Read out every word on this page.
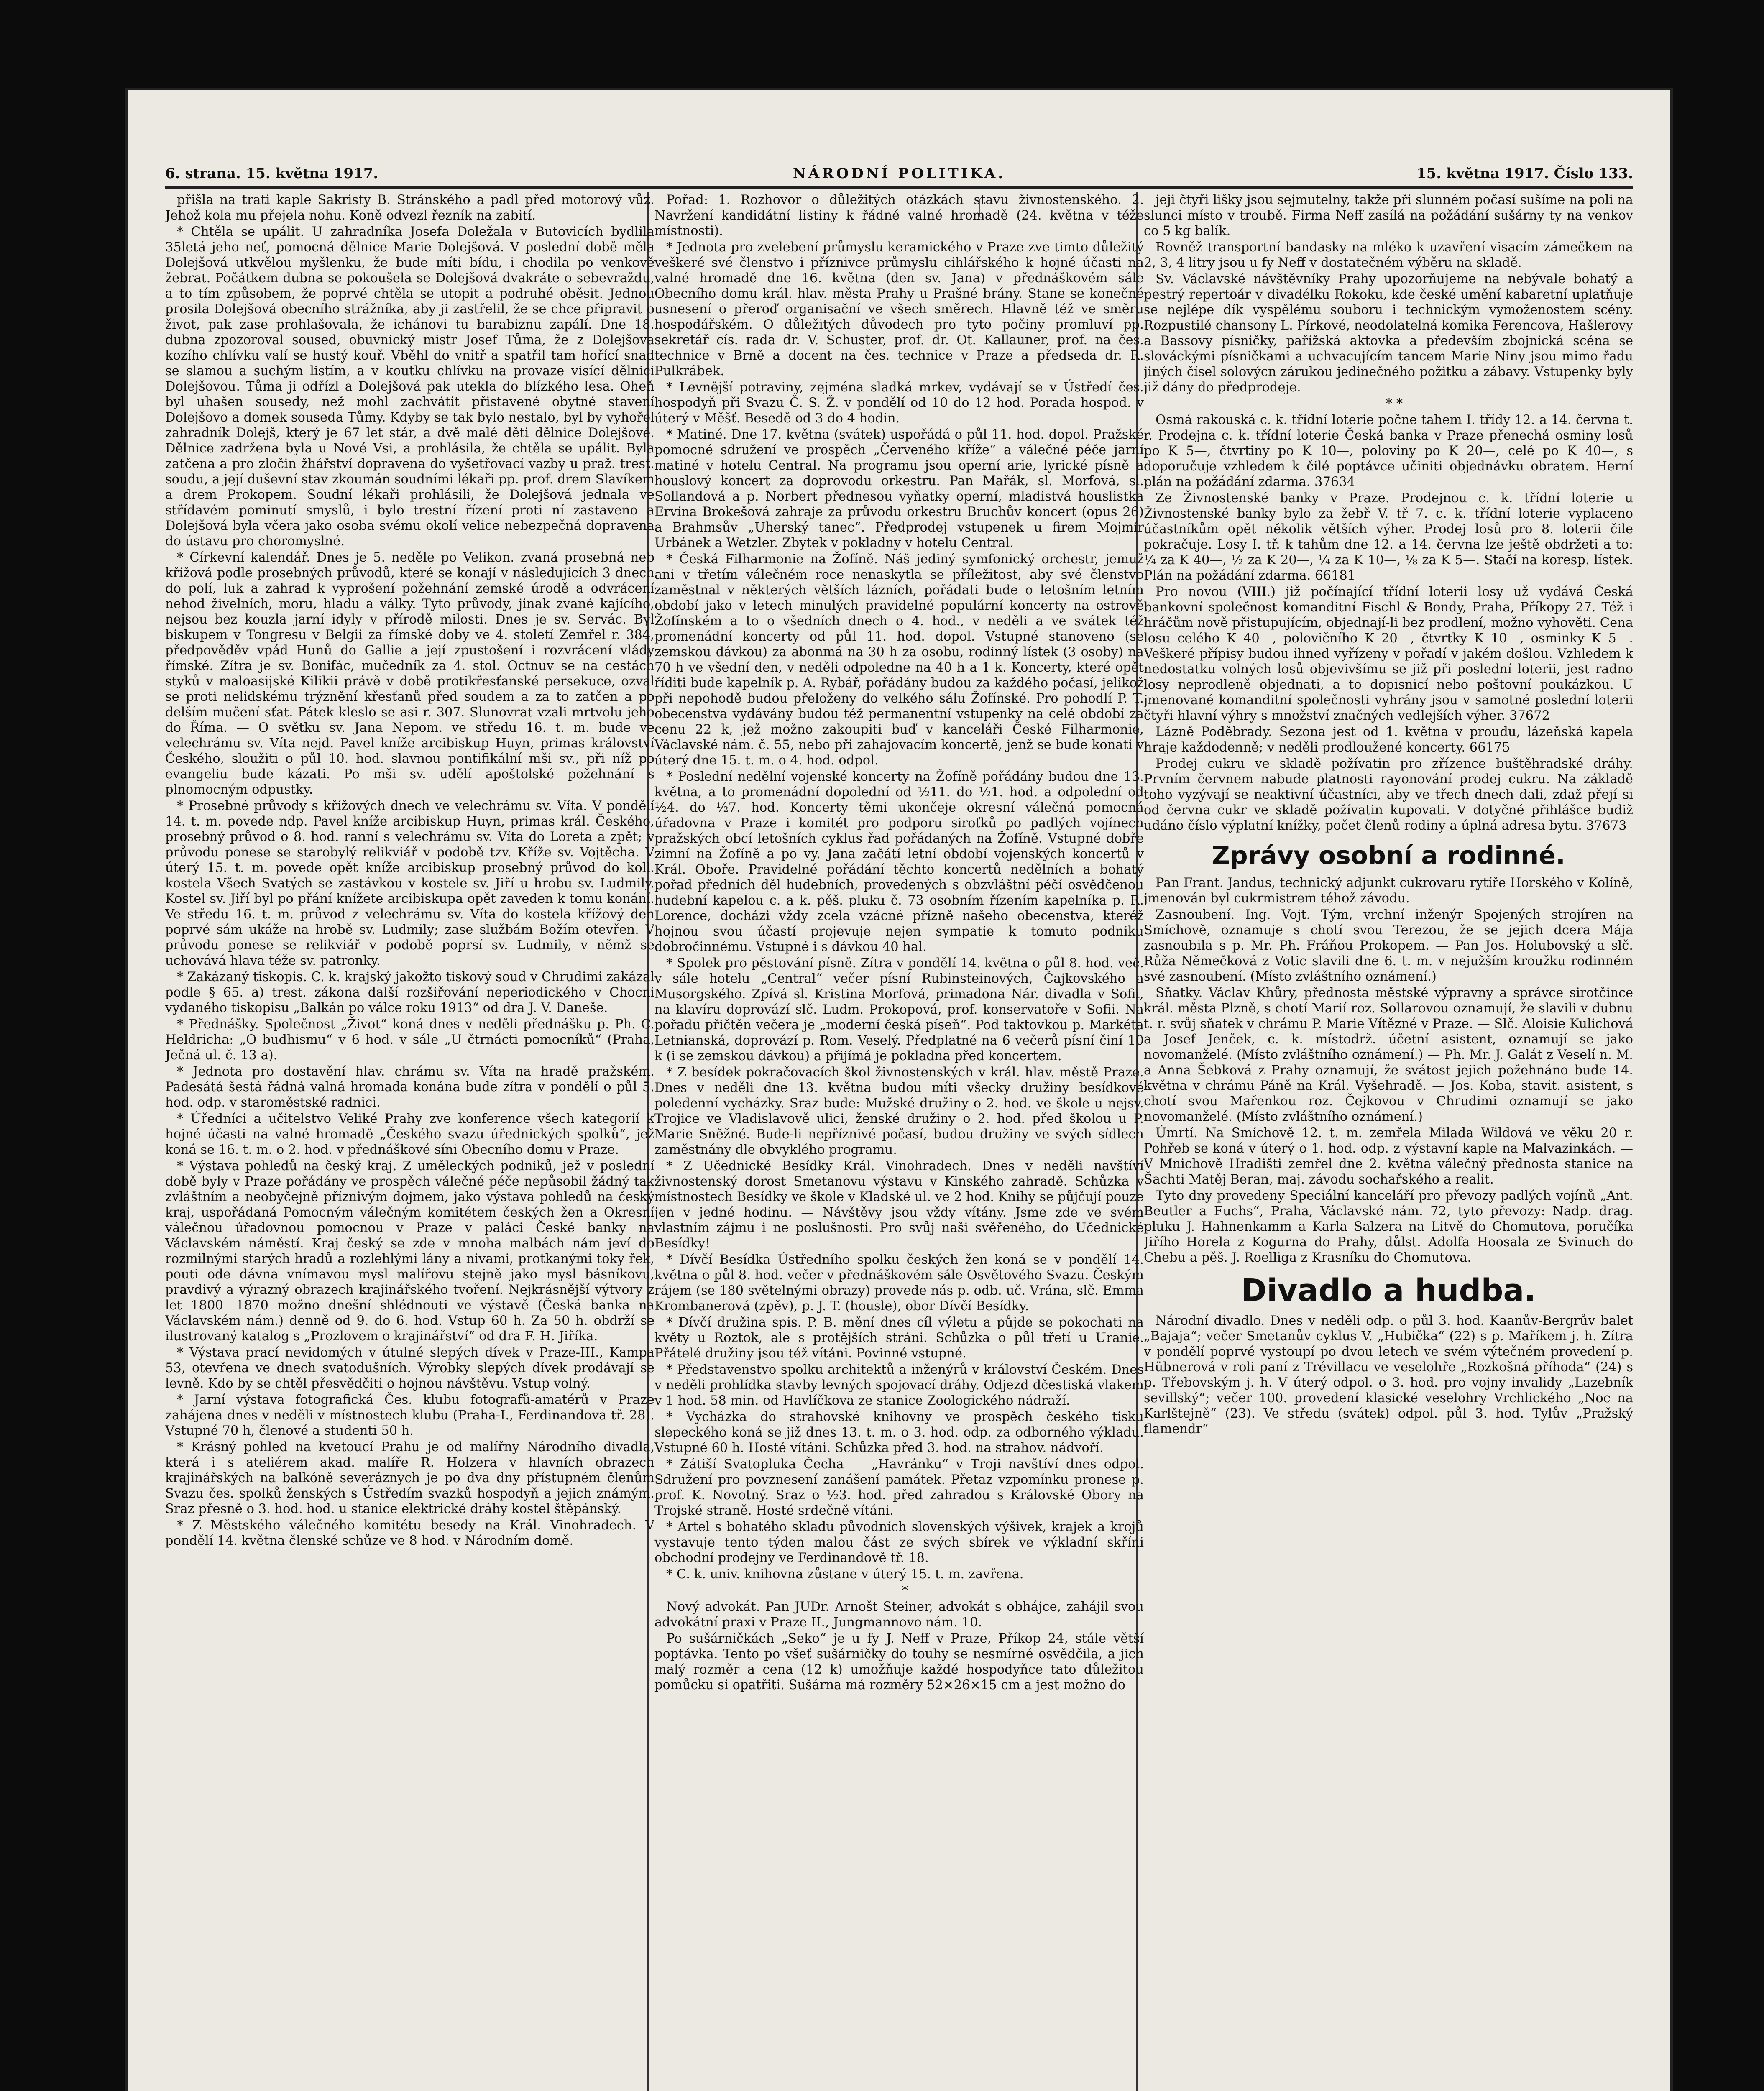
6. strana. 15. května 1917.	NÁRODNÍ POLITIKA.	15. května 1917. Číslo 133.

přišla na trati kaple Sakristy B. Stránského a padl před motorový vůz. Jehož kola mu přejela nohu. Koně odvezl řezník na zabití.

* Chtěla se upálit. U zahradníka Josefa Doležala v Butovicích bydlila 35letá jeho neť, pomocná dělnice Marie Dolejšová. V poslední době měla Dolejšová utkvělou myšlenku, že bude míti bídu, i chodila po venkově žebrat. Počátkem dubna se pokoušela se Dolejšová dvakráte o sebevraždu, a to tím způsobem, že poprvé chtěla se utopit a podruhé oběsit. Jednou prosila Dolejšová obecního strážníka, aby ji zastřelil, že se chce připravit o život, pak zase prohlašovala, že ichánovi tu barabiznu zapálí. Dne 18. dubna zpozoroval soused, obuvnický mistr Josef Tůma, že z Dolejšova kozího chlívku valí se hustý kouř. Vběhl do vnitř a spatřil tam hořící snad se slamou a suchým listím, a v koutku chlívku na provaze visící dělnici Dolejšovou. Tůma ji odřízl a Dolejšová pak utekla do blízkého lesa. Oheň byl uhašen sousedy, než mohl zachvátit přistavené obytné stavení Dolejšovo a domek souseda Tůmy. Kdyby se tak bylo nestalo, byl by vyhořel zahradník Dolejš, který je 67 let stár, a dvě malé děti dělnice Dolejšové. Dělnice zadržena byla u Nové Vsi, a prohlásila, že chtěla se upálit. Byla zatčena a pro zločin žhářství dopravena do vyšetřovací vazby u praž. trest. soudu, a její duševní stav zkoumán soudními lékaři pp. prof. drem Slavíkem a drem Prokopem. Soudní lékaři prohlásili, že Dolejšová jednala ve střídavém pominutí smyslů, i bylo trestní řízení proti ní zastaveno a Dolejšová byla včera jako osoba svému okolí velice nebezpečná dopravena do ústavu pro choromyslné.

* Církevní kalendář. Dnes je 5. neděle po Velikon. zvaná prosebná neb křížová podle prosebných průvodů, které se konají v následujících 3 dnech do polí, luk a zahrad k vyprošení požehnání zemské úrodě a odvrácení nehod živelních, moru, hladu a války. Tyto průvody, jinak zvané kajícího, nejsou bez kouzla jarní idyly v přírodě milosti. Dnes je sv. Servác. Byl biskupem v Tongresu v Belgii za římské doby ve 4. století Zemřel r. 384, předpověděv vpád Hunů do Gallie a její zpustošení i rozvrácení vlády římské. Zítra je sv. Bonifác, mučedník za 4. stol. Octnuv se na cestách styků v maloasijské Kilikii právě v době protikřesťanské persekuce, ozval se proti nelidskému trýznění křesťanů před soudem a za to zatčen a po delším mučení sťat. Pátek kleslo se asi r. 307. Slunovrat vzali mrtvolu jeho do Říma. — O světku sv. Jana Nepom. ve středu 16. t. m. bude ve velechrámu sv. Víta nejd. Pavel kníže arcibiskup Huyn, primas království Českého, sloužiti o půl 10. hod. slavnou pontifikální mši sv., při níž po evangeliu bude kázati. Po mši sv. udělí apoštolské požehnání s plnomocným odpustky.

* Prosebné průvody s křížových dnech ve velechrámu sv. Víta. V pondělí 14. t. m. povede ndp. Pavel kníže arcibiskup Huyn, primas král. Českého, prosebný průvod o 8. hod. ranní s velechrámu sv. Víta do Loreta a zpět; v průvodu ponese se starobylý relikviář v podobě tzv. Kříže sv. Vojtěcha. V úterý 15. t. m. povede opět kníže arcibiskup prosebný průvod do koll. kostela Všech Svatých se zastávkou v kostele sv. Jiří u hrobu sv. Ludmily. Kostel sv. Jiří byl po přání knížete arcibiskupa opět zaveden k tomu konání. Ve středu 16. t. m. průvod z velechrámu sv. Víta do kostela křížový den poprvé sám ukáže na hrobě sv. Ludmily; zase službám Božím otevřen. V průvodu ponese se relikviář v podobě poprsí sv. Ludmily, v němž se uchovává hlava téže sv. patronky.

* Zakázaný tiskopis. C. k. krajský jakožto tiskový soud v Chrudimi zakázal podle § 65. a) trest. zákona další rozšiřování neperiodického v Chocni vydaného tiskopisu „Balkán po válce roku 1913“ od dra J. V. Daneše.

* Přednášky. Společnost „Život“ koná dnes v neděli přednášku p. Ph. C. Heldricha: „O budhismu“ v 6 hod. v sále „U čtrnácti pomocníků“ (Praha, Ječná ul. č. 13 a).

* Jednota pro dostavění hlav. chrámu sv. Víta na hradě pražském. Padesátá šestá řádná valná hromada konána bude zítra v pondělí o půl 5. hod. odp. v staroměstské radnici.

* Úředníci a učitelstvo Veliké Prahy zve konference všech kategorií k hojné účasti na valné hromadě „Českého svazu úřednických spolků“, jež koná se 16. t. m. o 2. hod. v přednáškové síni Obecního domu v Praze.

* Výstava pohledů na český kraj. Z uměleckých podniků, jež v poslední době byly v Praze pořádány ve prospěch válečné péče nepůsobil žádný tak zvláštním a neobyčejně příznivým dojmem, jako výstava pohledů na český kraj, uspořádaná Pomocným válečným komitétem českých žen a Okresní válečnou úřadovnou pomocnou v Praze v paláci České banky na Václavském náměstí. Kraj český se zde v mnoha malbách nám jeví do rozmilnými starých hradů a rozlehlými lány a nivami, protkanými toky řek, pouti ode dávna vnímavou mysl malířovu stejně jako mysl básníkovu, pravdivý a výrazný obrazech krajinářského tvoření. Nejkrásnější výtvory z let 1800—1870 možno dnešní shlédnouti ve výstavě (Česká banka na Václavském nám.) denně od 9. do 6. hod. Vstup 60 h. Za 50 h. obdrží se ilustrovaný katalog s „Prozlovem o krajinářství“ od dra F. H. Jiříka.

* Výstava prací nevidomých v útulné slepých dívek v Praze-III., Kampa 53, otevřena ve dnech svatodušních. Výrobky slepých dívek prodávají se levně. Kdo by se chtěl přesvědčiti o hojnou návštěvu. Vstup volný.

* Jarní výstava fotografická Čes. klubu fotografů-amatérů v Praze zahájena dnes v neděli v místnostech klubu (Praha-I., Ferdinandova tř. 28). Vstupné 70 h, členové a studenti 50 h.

* Krásný pohled na kvetoucí Prahu je od malířny Národního divadla, která i s ateliérem akad. malíře R. Holzera v hlavních obrazech krajinářských na balkóně severáznych je po dva dny přístupném členům Svazu čes. spolků ženských s Ústředím svazků hospodyň a jejich známým. Sraz přesně o 3. hod. hod. u stanice elektrické dráhy kostel štěpánský.

* Z Městského válečného komitétu besedy na Král. Vinohradech. V pondělí 14. května členské schůze ve 8 hod. v Národním domě.

Pořad: 1. Rozhovor o důležitých otázkách stavu živnostenského. 2. Navržení kandidátní listiny k řádné valné hromadě (24. května v téže místnosti).

* Jednota pro zvelebení průmyslu keramického v Praze zve timto důležitý veškeré své členstvo i příznivce průmyslu cihlářského k hojné účasti na valné hromadě dne 16. května (den sv. Jana) v přednáškovém sále Obecního domu král. hlav. města Prahy u Prašné brány. Stane se konečné usnesení o přeroď organisační ve všech směrech. Hlavně též ve směru hospodářském. O důležitých důvodech pro tyto počiny promluví pp. sekretář cís. rada dr. V. Schuster, prof. dr. Ot. Kallauner, prof. na čes. technice v Brně a docent na čes. technice v Praze a předseda dr. R. Pulkrábek.

* Levnější potraviny, zejména sladká mrkev, vydávají se v Ústředí čes. hospodyň při Svazu Č. S. Ž. v pondělí od 10 do 12 hod. Porada hospod. v úterý v Měšť. Besedě od 3 do 4 hodin.

* Matiné. Dne 17. května (svátek) uspořádá o půl 11. hod. dopol. Pražské pomocné sdružení ve prospěch „Červeného kříže“ a válečné péče jarní matiné v hotelu Central. Na programu jsou operní arie, lyrické písně a houslový koncert za doprovodu orkestru. Pan Mařák, sl. Morfová, sl. Sollandová a p. Norbert přednesou vyňatky operní, mladistvá houslistka Ervína Brokešová zahraje za průvodu orkestru Bruchův koncert (opus 26) a Brahmsův „Uherský tanec“. Předprodej vstupenek u firem Mojmír Urbánek a Wetzler. Zbytek v pokladny v hotelu Central.

* Česká Filharmonie na Žofíně. Náš jediný symfonický orchestr, jemuž ani v třetím válečném roce nenaskytla se příležitost, aby své členstvo zaměstnal v některých větších lázních, pořádati bude o letošním letním období jako v letech minulých pravidelné populární koncerty na ostrově Žofínském a to o všedních dnech o 4. hod., v neděli a ve svátek též promenádní koncerty od půl 11. hod. dopol. Vstupné stanoveno (se zemskou dávkou) za abonmá na 30 h za osobu, rodinný lístek (3 osoby) na 70 h ve všední den, v neděli odpoledne na 40 h a 1 k. Koncerty, které opět říditi bude kapelník p. A. Rybář, pořádány budou za každého počasí, jelikož při nepohodě budou přeloženy do velkého sálu Žofínské. Pro pohodlí P. T. obecenstva vydávány budou též permanentní vstupenky na celé období za cenu 22 k, jež možno zakoupiti buď v kanceláři České Filharmonie, Václavské nám. č. 55, nebo při zahajovacím koncertě, jenž se bude konati v úterý dne 15. t. m. o 4. hod. odpol.

* Poslední nedělní vojenské koncerty na Žofíně pořádány budou dne 13. května, a to promenádní dopolední od ½11. do ½1. hod. a odpolední od ½4. do ½7. hod. Koncerty těmi ukončeje okresní válečná pomocná úřadovna v Praze i komitét pro podporu siroťků po padlých vojínech pražských obcí letošních cyklus řad pořádaných na Žofíně. Vstupné dobře zimní na Žofíně a po vy. Jana začátí letní období vojenských koncertů v Král. Oboře. Pravidelné pořádání těchto koncertů nedělních a bohatý pořad předních děl hudebních, provedených s obzvláštní péčí osvědčenou hudební kapelou c. a k. pěš. pluku č. 73 osobním řízením kapelníka p. R. Lorence, docházi vždy zcela vzácné přízně našeho obecenstva, kteréž hojnou svou účastí projevuje nejen sympatie k tomuto podniku dobročinnému. Vstupné i s dávkou 40 hal.

* Spolek pro pěstování písně. Zítra v pondělí 14. května o půl 8. hod. več. v sále hotelu „Central“ večer písní Rubinsteinových, Čajkovského a Musorgského. Zpívá sl. Kristina Morfová, primadona Nár. divadla v Sofii, na klavíru doprovází slč. Ludm. Prokopová, prof. konservatoře v Sofii. Na pořadu přičtěn večera je „moderní česká píseň“. Pod taktovkou p. Markéta Letnianská, doprovází p. Rom. Veselý. Předplatné na 6 večerů písní činí 10 k (i se zemskou dávkou) a přijímá je pokladna před koncertem.

* Z besídek pokračovacích škol živnostenských v král. hlav. městě Praze. Dnes v neděli dne 13. května budou míti všecky družiny besídkové poledenní vycházky. Sraz bude: Mužské družiny o 2. hod. ve škole u nejsv. Trojice ve Vladislavově ulici, ženské družiny o 2. hod. před školou u P. Marie Sněžné. Bude-li nepříznivé počasí, budou družiny ve svých sídlech zaměstnány dle obvyklého programu.

* Z Učednické Besídky Král. Vinohradech. Dnes v neděli navštíví živnostenský dorost Smetanovu výstavu v Kinského zahradě. Schůzka v místnostech Besídky ve škole v Kladské ul. ve 2 hod. Knihy se půjčují pouze jen v jedné hodinu. — Návštěvy jsou vždy vítány. Jsme zde ve svém vlastním zájmu i ne poslušnosti. Pro svůj naši svěřeného, do Učednické Besídky!

* Dívčí Besídka Ústředního spolku českých žen koná se v pondělí 14. května o půl 8. hod. večer v přednáškovém sále Osvětového Svazu. Českým rájem (se 180 světelnými obrazy) provede nás p. odb. uč. Vrána, slč. Emma Krombanerová (zpěv), p. J. T. (housle), obor Dívčí Besídky.

* Dívčí družina spis. P. B. mění dnes cíl výletu a půjde se pokochati na květy u Roztok, ale s protějších stráni. Schůzka o půl třetí u Uranie. Přátelé družiny jsou též vítáni. Povinné vstupné.

* Představenstvo spolku architektů a inženýrů v království Českém. Dnes v neděli prohlídka stavby levných spojovací dráhy. Odjezd dčestiská vlakem v 1 hod. 58 min. od Havlíčkova ze stanice Zoologického nádraží.

* Vycházka do strahovské knihovny ve prospěch českého tisku slepeckého koná se již dnes 13. t. m. o 3. hod. odp. za odborného výkladu. Vstupné 60 h. Hosté vítáni. Schůzka před 3. hod. na strahov. nádvoří.

* Zátiší Svatopluka Čecha — „Havránku“ v Troji navštíví dnes odpol. Sdružení pro povznesení zanášení památek. Přetaz vzpomínku pronese p. prof. K. Novotný. Sraz o ½3. hod. před zahradou s Královské Obory na Trojské straně. Hosté srdečně vítáni.

* Artel s bohatého skladu původních slovenských výšivek, krajek a krojů vystavuje tento týden malou část ze svých sbírek ve výkladní skříni obchodní prodejny ve Ferdinandově tř. 18.

* C. k. univ. knihovna zůstane v úterý 15. t. m. zavřena.

*

Nový advokát. Pan JUDr. Arnošt Steiner, advokát s obhájce, zahájil svou advokátní praxi v Praze II., Jungmannovo nám. 10.

Po sušárničkách „Seko“ je u fy J. Neff v Praze, Příkop 24, stále větší poptávka. Tento po všeť sušárničky do touhy se nesmírné osvědčila, a jich malý rozměr a cena (12 k) umožňuje každé hospodyňce tato důležitou pomůcku si opatřiti. Sušárna má rozměry 52×26×15 cm a jest možno do

jeji čtyři lišky jsou sejmutelny, takže při slunném počasí sušíme na poli na slunci místo v troubě. Firma Neff zasílá na požádání sušárny ty na venkov co 5 kg balík.

Rovněž transportní bandasky na mléko k uzavření visacím zámečkem na 2, 3, 4 litry jsou u fy Neff v dostatečném výběru na skladě.

Sv. Václavské návštěvníky Prahy upozorňujeme na nebývale bohatý a pestrý repertoár v divadélku Rokoku, kde české umění kabaretní uplatňuje se nejlépe dík vyspělému souboru i technickým vymoženostem scény. Rozpustilé chansony L. Pírkové, neodolatelná komika Ferencova, Hašlerovy a Bassovy písničky, pařížská aktovka a především zbojnická scéna se slováckými písničkami a uchvacujícím tancem Marie Niny jsou mimo řadu jiných čísel solovýcn zárukou jedinečného požitku a zábavy. Vstupenky byly již dány do předprodeje.

* *

Osmá rakouská c. k. třídní loterie počne tahem I. třídy 12. a 14. června t. r. Prodejna c. k. třídní loterie Česká banka v Praze přenechá osminy losů po K 5—, čtvrtiny po K 10—, poloviny po K 20—, celé po K 40—, s doporučuje vzhledem k čilé poptávce učiniti objednávku obratem. Herní plán na požádání zdarma. 37634

Ze Živnostenské banky v Praze. Prodejnou c. k. třídní loterie u Živnostenské banky bylo za žebř V. tř 7. c. k. třídní loterie vyplaceno účastníkům opět několik větších výher. Prodej losů pro 8. loterii čile pokračuje. Losy I. tř. k tahům dne 12. a 14. června lze ještě obdržeti a to: ¼ za K 40—, ½ za K 20—, ¼ za K 10—, ⅛ za K 5—. Stačí na koresp. lístek. Plán na požádání zdarma. 66181

Pro novou (VIII.) již počínající třídní loterii losy už vydává Česká bankovní společnost komanditní Fischl & Bondy, Praha, Příkopy 27. Též i hráčům nově přistupujícím, objednají-li bez prodlení, možno vyhověti. Cena losu celého K 40—, polovičního K 20—, čtvrtky K 10—, osminky K 5—. Veškeré přípisy budou ihned vyřízeny v pořadí v jakém došlou. Vzhledem k nedostatku volných losů objevivšímu se již při poslední loterii, jest radno losy neprodleně objednati, a to dopisnicí nebo poštovní poukázkou. U jmenované komanditní společnosti vyhrány jsou v samotné poslední loterii čtyři hlavní výhry s množství značných vedlejších výher. 37672

Lázně Poděbrady. Sezona jest od 1. května v proudu, lázeňská kapela hraje každodenně; v neděli prodloužené koncerty. 66175

Prodej cukru ve skladě požívatin pro zřízence buštěhradské dráhy. Prvním červnem nabude platnosti rayonování prodej cukru. Na základě toho vyzývají se neaktivní účastníci, aby ve třech dnech dali, zdaž přejí si od června cukr ve skladě požívatin kupovati. V dotyčné přihlášce budiž udáno číslo výplatní knížky, počet členů rodiny a úplná adresa bytu. 37673

Zprávy osobní a rodinné.

Pan Frant. Jandus, technický adjunkt cukrovaru rytíře Horského v Kolíně, jmenován byl cukrmistrem téhož závodu.

Zasnoubení. Ing. Vojt. Tým, vrchní inženýr Spojených strojíren na Smíchově, oznamuje s chotí svou Terezou, že se jejich dcera Mája zasnoubila s p. Mr. Ph. Fráňou Prokopem. — Pan Jos. Holubovský a slč. Růža Němečková z Votic slavili dne 6. t. m. v nejužším kroužku rodinném své zasnoubení. (Místo zvláštního oznámení.)

Sňatky. Václav Khůry, přednosta městské výpravny a správce sirotčince král. města Plzně, s chotí Marií roz. Sollarovou oznamují, že slavili v dubnu t. r. svůj sňatek v chrámu P. Marie Vítězné v Praze. — Slč. Aloisie Kulichová a Josef Jenček, c. k. místodrž. účetní asistent, oznamují se jako novomanželé. (Místo zvláštního oznámení.) — Ph. Mr. J. Galát z Veselí n. M. a Anna Šebková z Prahy oznamují, že svátost jejich požehnáno bude 14. května v chrámu Páně na Král. Vyšehradě. — Jos. Koba, stavit. asistent, s chotí svou Mařenkou roz. Čejkovou v Chrudimi oznamují se jako novomanželé. (Místo zvláštního oznámení.)

Úmrtí. Na Smíchově 12. t. m. zemřela Milada Wildová ve věku 20 r. Pohřeb se koná v úterý o 1. hod. odp. z výstavní kaple na Malvazinkách. — V Mnichově Hradišti zemřel dne 2. května válečný přednosta stanice na Šachti Matěj Beran, maj. závodu sochařského a realit.

Tyto dny provedeny Speciální kanceláří pro převozy padlých vojínů „Ant. Beutler a Fuchs“, Praha, Václavské nám. 72, tyto převozy: Nadp. drag. pluku J. Hahnenkamm a Karla Salzera na Litvě do Chomutova, poručíka Jiřího Horela z Kogurna do Prahy, důlst. Adolfa Hoosala ze Svinuch do Chebu a pěš. J. Roelliga z Krasníku do Chomutova.

Divadlo a hudba.

Národní divadlo. Dnes v neděli odp. o půl 3. hod. Kaanův-Bergrův balet „Bajaja“; večer Smetanův cyklus V. „Hubička“ (22) s p. Maříkem j. h. Zítra v pondělí poprvé vystoupí po dvou letech ve svém výtečném provedení p. Hübnerová v roli paní z Trévillacu ve veselohře „Rozkošná příhoda“ (24) s p. Třebovským j. h. V úterý odpol. o 3. hod. pro vojny invalidy „Lazebník sevillský“; večer 100. provedení klasické veselohry Vrchlického „Noc na Karlštejně“ (23). Ve středu (svátek) odpol. půl 3. hod. Tylův „Pražský flamendr“
